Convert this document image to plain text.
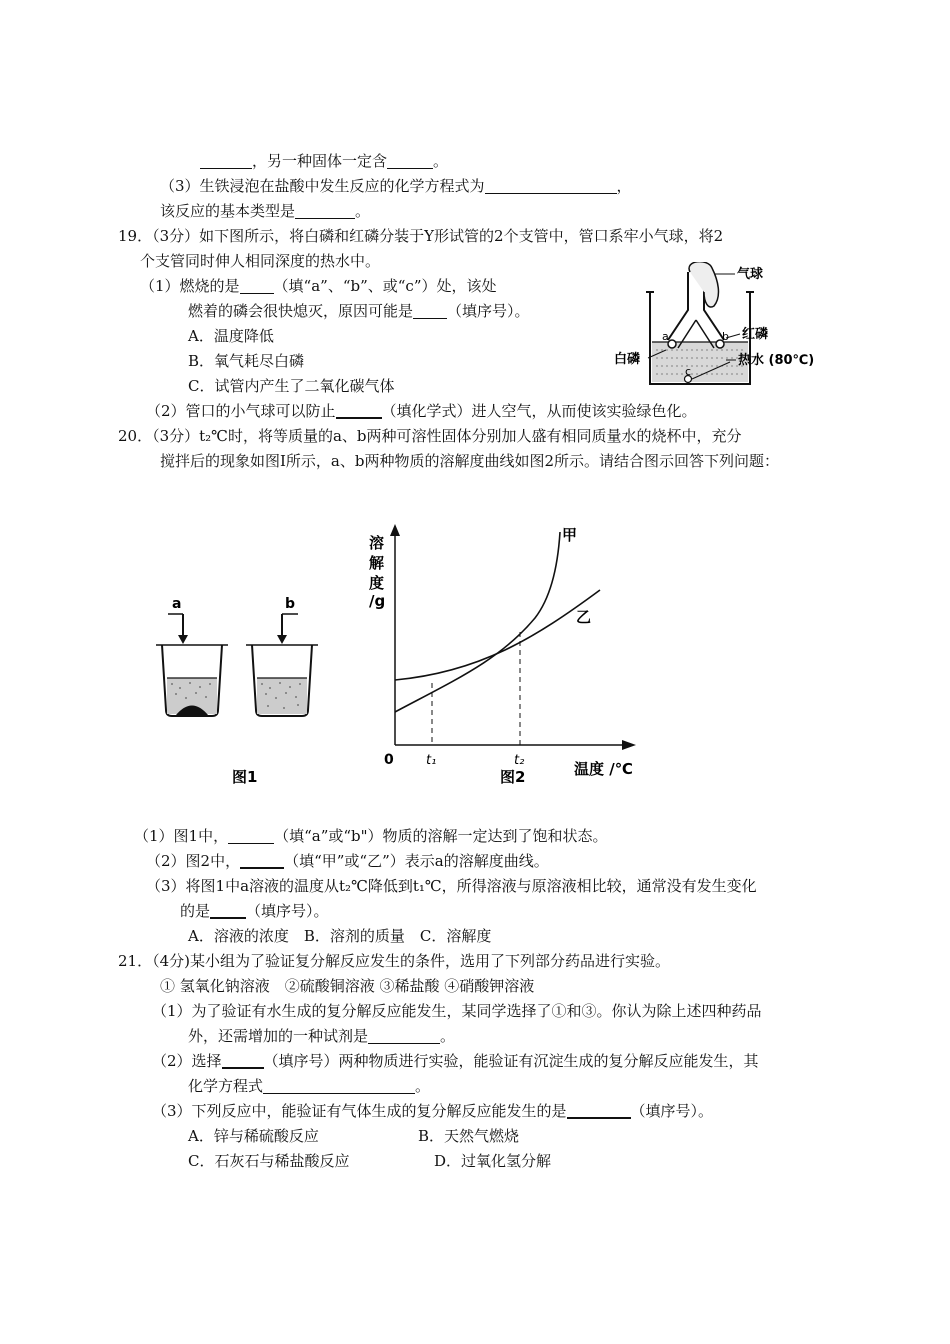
，另一种固体一定含	。
（3）生铁浸泡在盐酸中发生反应的化学方程式为	，
该反应的基本类型是	。
19．（3分）如下图所示，将白磷和红磷分装于Y形试管的2个支管中，管口系牢小气球，将2
个支管同时伸人相同深度的热水中。
（1）燃烧的是 （填“a”、“b”、或“c”）处，该处
燃着的磷会很快熄灭，原因可能是 （填序号）。
A．温度降低
B．氧气耗尽白磷
C．试管内产生了二氧化碳气体
（2）管口的小气球可以防止	（填化学式）进人空气，从而使该实验绿色化。
气球
红磷
白磷	热水 (80℃)
a	b
c
20．（3分）t₂℃时，将等质量的a、b两种可溶性固体分别加人盛有相同质量水的烧杯中，充分
搅拌后的现象如图I所示，a、b两种物质的溶解度曲线如图2所示。请结合图示回答下列问题：
a	b
图1
溶
解
度
/g
0	温度 /℃
t₁	t₂
甲
乙
图2
（1）图1中，	（填“a”或“b"）物质的溶解一定达到了饱和状态。
（2）图2中，	（填“甲”或“乙”）表示a的溶解度曲线。
（3）将图1中a溶液的温度从t₂℃降低到t₁℃，所得溶液与原溶液相比较，通常没有发生变化
的是 （填序号）。
A．溶液的浓度　B．溶剂的质量　C．溶解度
21．（4分)某小组为了验证复分解反应发生的条件，选用了下列部分药品进行实验。
① 氢氧化钠溶液　②硫酸铜溶液 ③稀盐酸 ④硝酸钾溶液
（1）为了验证有水生成的复分解反应能发生，某同学选择了①和③。你认为除上述四种药品
外，还需增加的一种试剂是	。
（2）选择	（填序号）两种物质进行实验，能验证有沉淀生成的复分解反应能发生，其
化学方程式	。
（3）下列反应中，能验证有气体生成的复分解反应能发生的是	（填序号）。
A．锌与稀硫酸反应	B．天然气燃烧
C．石灰石与稀盐酸反应	D．过氧化氢分解
